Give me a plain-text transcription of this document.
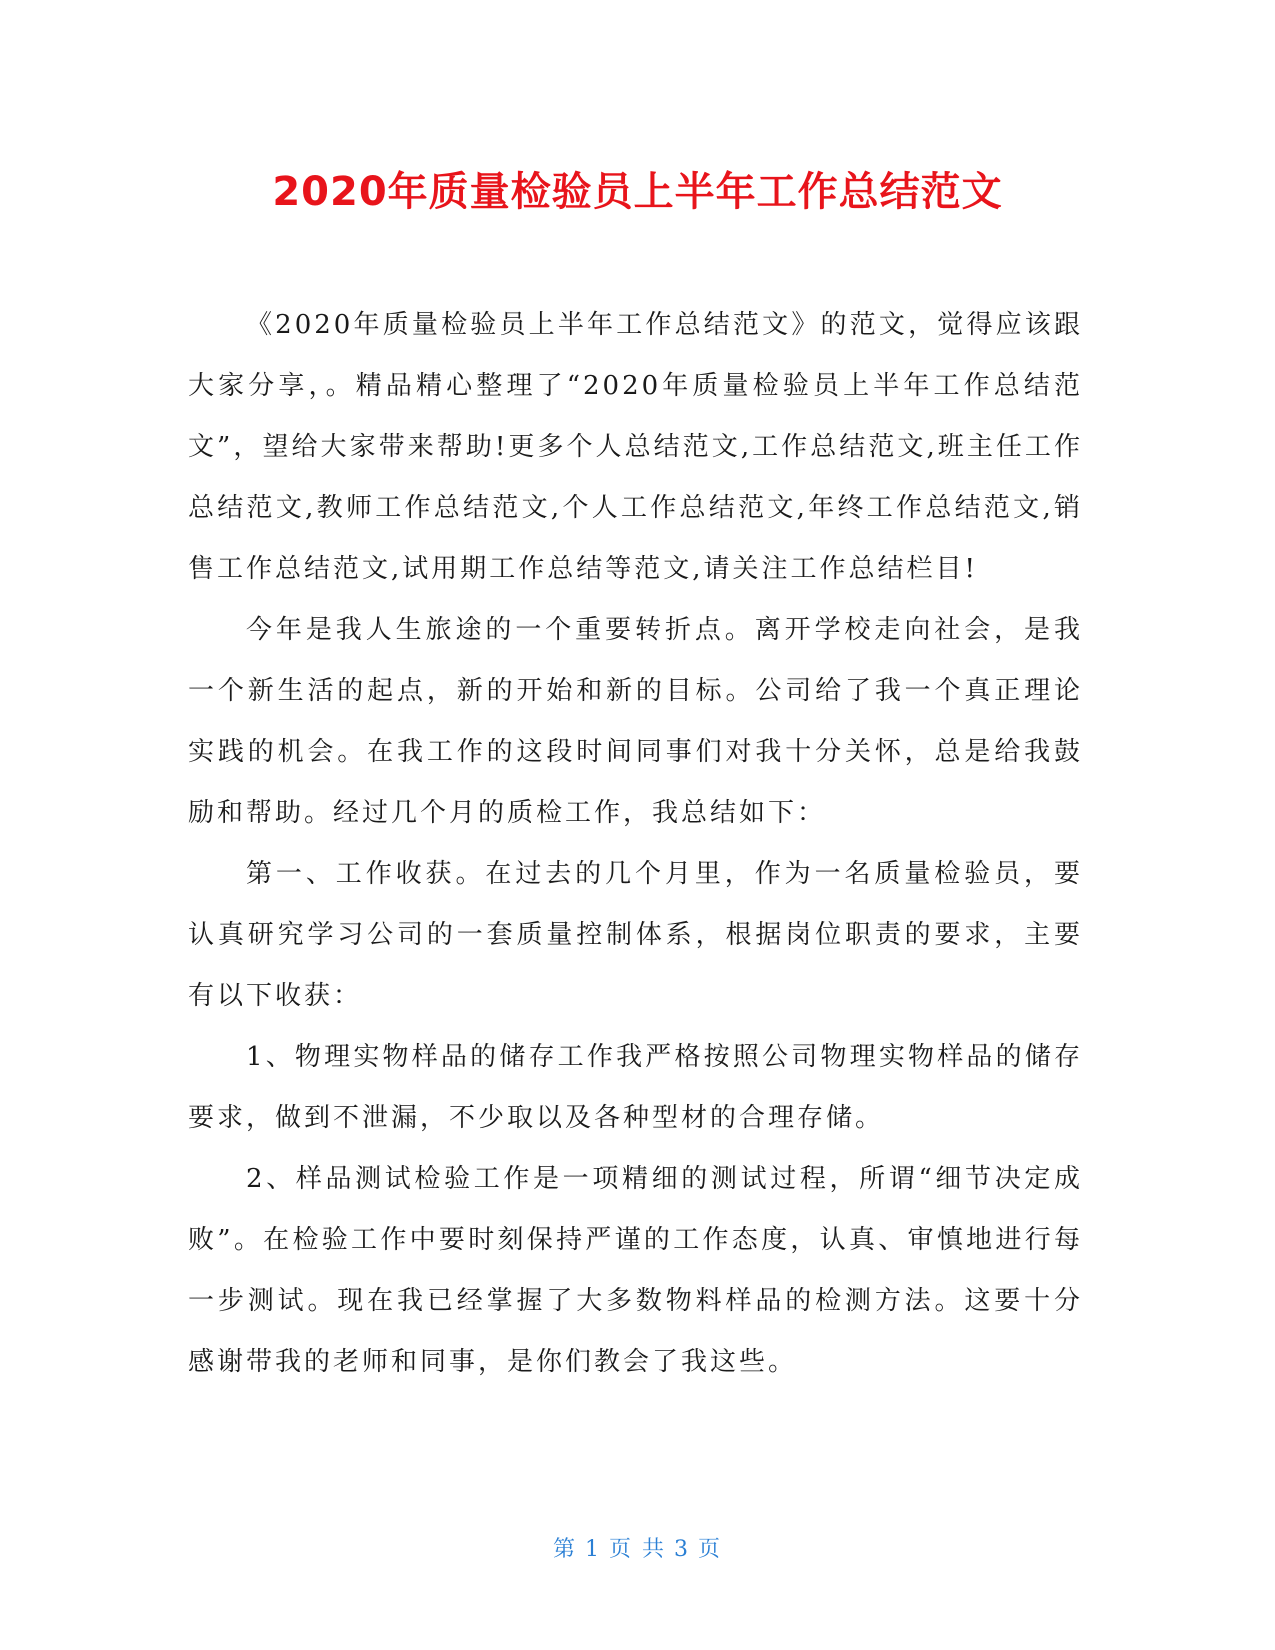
2020年质量检验员上半年工作总结范文

《2020年质量检验员上半年工作总结范文》的范文，觉得应该跟大家分享，。精品精心整理了“2020年质量检验员上半年工作总结范文”，望给大家带来帮助!更多个人总结范文,工作总结范文,班主任工作总结范文,教师工作总结范文,个人工作总结范文,年终工作总结范文,销售工作总结范文,试用期工作总结等范文,请关注工作总结栏目!

今年是我人生旅途的一个重要转折点。离开学校走向社会，是我一个新生活的起点，新的开始和新的目标。公司给了我一个真正理论实践的机会。在我工作的这段时间同事们对我十分关怀，总是给我鼓励和帮助。经过几个月的质检工作，我总结如下：

第一、工作收获。在过去的几个月里，作为一名质量检验员，要认真研究学习公司的一套质量控制体系，根据岗位职责的要求，主要有以下收获：

1、物理实物样品的储存工作我严格按照公司物理实物样品的储存要求，做到不泄漏，不少取以及各种型材的合理存储。

2、样品测试检验工作是一项精细的测试过程，所谓“细节决定成败”。在检验工作中要时刻保持严谨的工作态度，认真、审慎地进行每一步测试。现在我已经掌握了大多数物料样品的检测方法。这要十分感谢带我的老师和同事，是你们教会了我这些。

第 1 页 共 3 页
